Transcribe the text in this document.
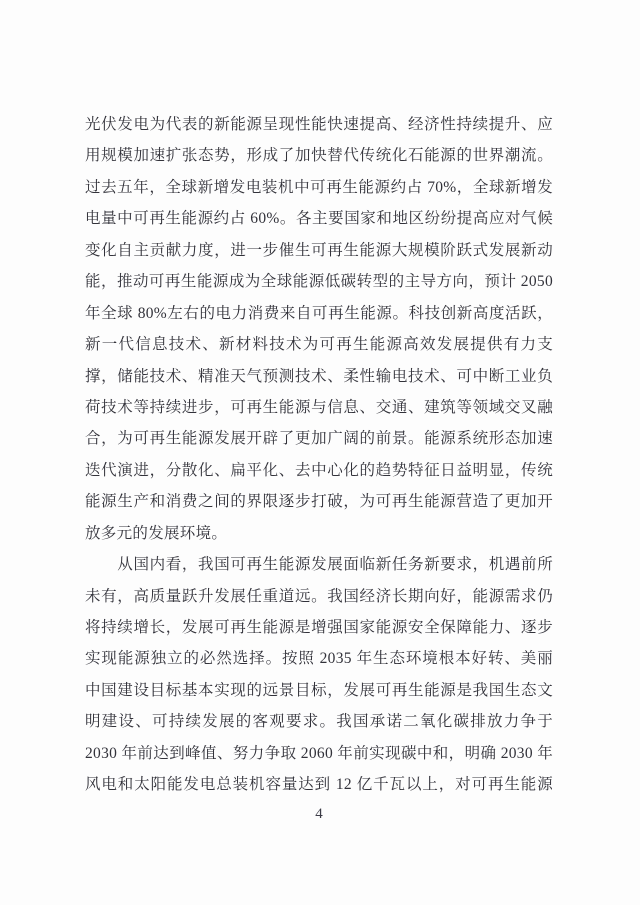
光伏发电为代表的新能源呈现性能快速提高、经济性持续提升、应
用规模加速扩张态势，形成了加快替代传统化石能源的世界潮流。
过去五年，全球新增发电装机中可再生能源约占 70%，全球新增发
电量中可再生能源约占 60%。各主要国家和地区纷纷提高应对气候
变化自主贡献力度，进一步催生可再生能源大规模阶跃式发展新动
能，推动可再生能源成为全球能源低碳转型的主导方向，预计 2050
年全球 80%左右的电力消费来自可再生能源。科技创新高度活跃，
新一代信息技术、新材料技术为可再生能源高效发展提供有力支
撑，储能技术、精准天气预测技术、柔性输电技术、可中断工业负
荷技术等持续进步，可再生能源与信息、交通、建筑等领域交叉融
合，为可再生能源发展开辟了更加广阔的前景。能源系统形态加速
迭代演进，分散化、扁平化、去中心化的趋势特征日益明显，传统
能源生产和消费之间的界限逐步打破，为可再生能源营造了更加开
放多元的发展环境。
　　从国内看，我国可再生能源发展面临新任务新要求，机遇前所
未有，高质量跃升发展任重道远。我国经济长期向好，能源需求仍
将持续增长，发展可再生能源是增强国家能源安全保障能力、逐步
实现能源独立的必然选择。按照 2035 年生态环境根本好转、美丽
中国建设目标基本实现的远景目标，发展可再生能源是我国生态文
明建设、可持续发展的客观要求。我国承诺二氧化碳排放力争于
2030 年前达到峰值、努力争取 2060 年前实现碳中和，明确 2030 年
风电和太阳能发电总装机容量达到 12 亿千瓦以上，对可再生能源
4
